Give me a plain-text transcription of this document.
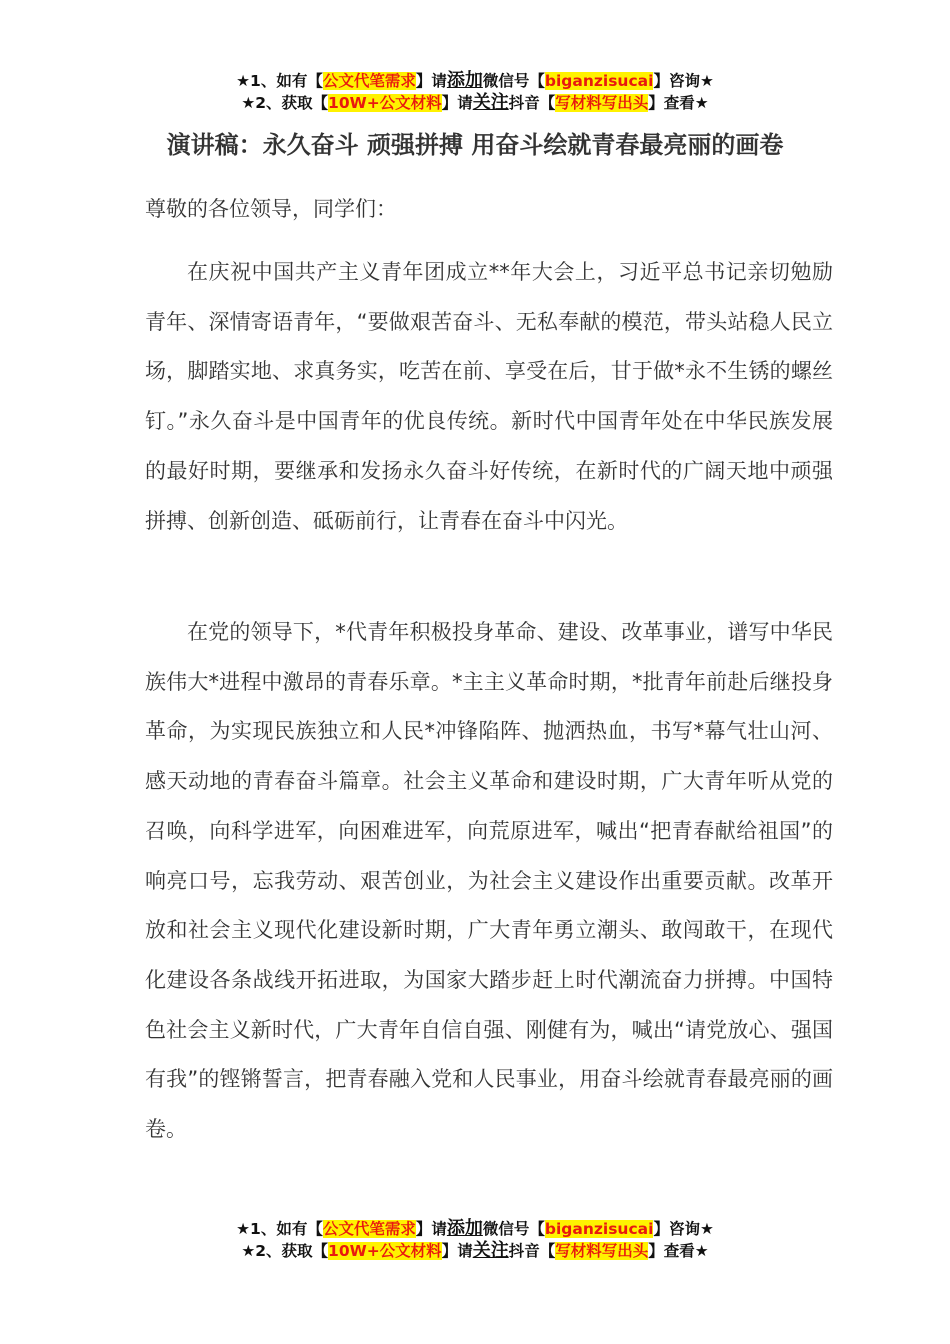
★1、如有【公文代笔需求】请添加微信号【biganzisucai】咨询★
★2、获取【10W+公文材料】请关注抖音【写材料写出头】查看★
演讲稿：永久奋斗 顽强拼搏 用奋斗绘就青春最亮丽的画卷
尊敬的各位领导，同学们：

在庆祝中国共产主义青年团成立**年大会上，习近平总书记亲切勉励青年、深情寄语青年，“要做艰苦奋斗、无私奉献的模范，带头站稳人民立场，脚踏实地、求真务实，吃苦在前、享受在后，甘于做*永不生锈的螺丝钉。”永久奋斗是中国青年的优良传统。新时代中国青年处在中华民族发展的最好时期，要继承和发扬永久奋斗好传统，在新时代的广阔天地中顽强拼搏、创新创造、砥砺前行，让青春在奋斗中闪光。

在党的领导下，*代青年积极投身革命、建设、改革事业，谱写中华民族伟大*进程中激昂的青春乐章。*主主义革命时期，*批青年前赴后继投身革命，为实现民族独立和人民*冲锋陷阵、抛洒热血，书写*幕气壮山河、感天动地的青春奋斗篇章。社会主义革命和建设时期，广大青年听从党的召唤，向科学进军，向困难进军，向荒原进军，喊出“把青春献给祖国”的响亮口号，忘我劳动、艰苦创业，为社会主义建设作出重要贡献。改革开放和社会主义现代化建设新时期，广大青年勇立潮头、敢闯敢干，在现代化建设各条战线开拓进取，为国家大踏步赶上时代潮流奋力拼搏。中国特色社会主义新时代，广大青年自信自强、刚健有为，喊出“请党放心、强国有我”的铿锵誓言，把青春融入党和人民事业，用奋斗绘就青春最亮丽的画卷。

★1、如有【公文代笔需求】请添加微信号【biganzisucai】咨询★
★2、获取【10W+公文材料】请关注抖音【写材料写出头】查看★
